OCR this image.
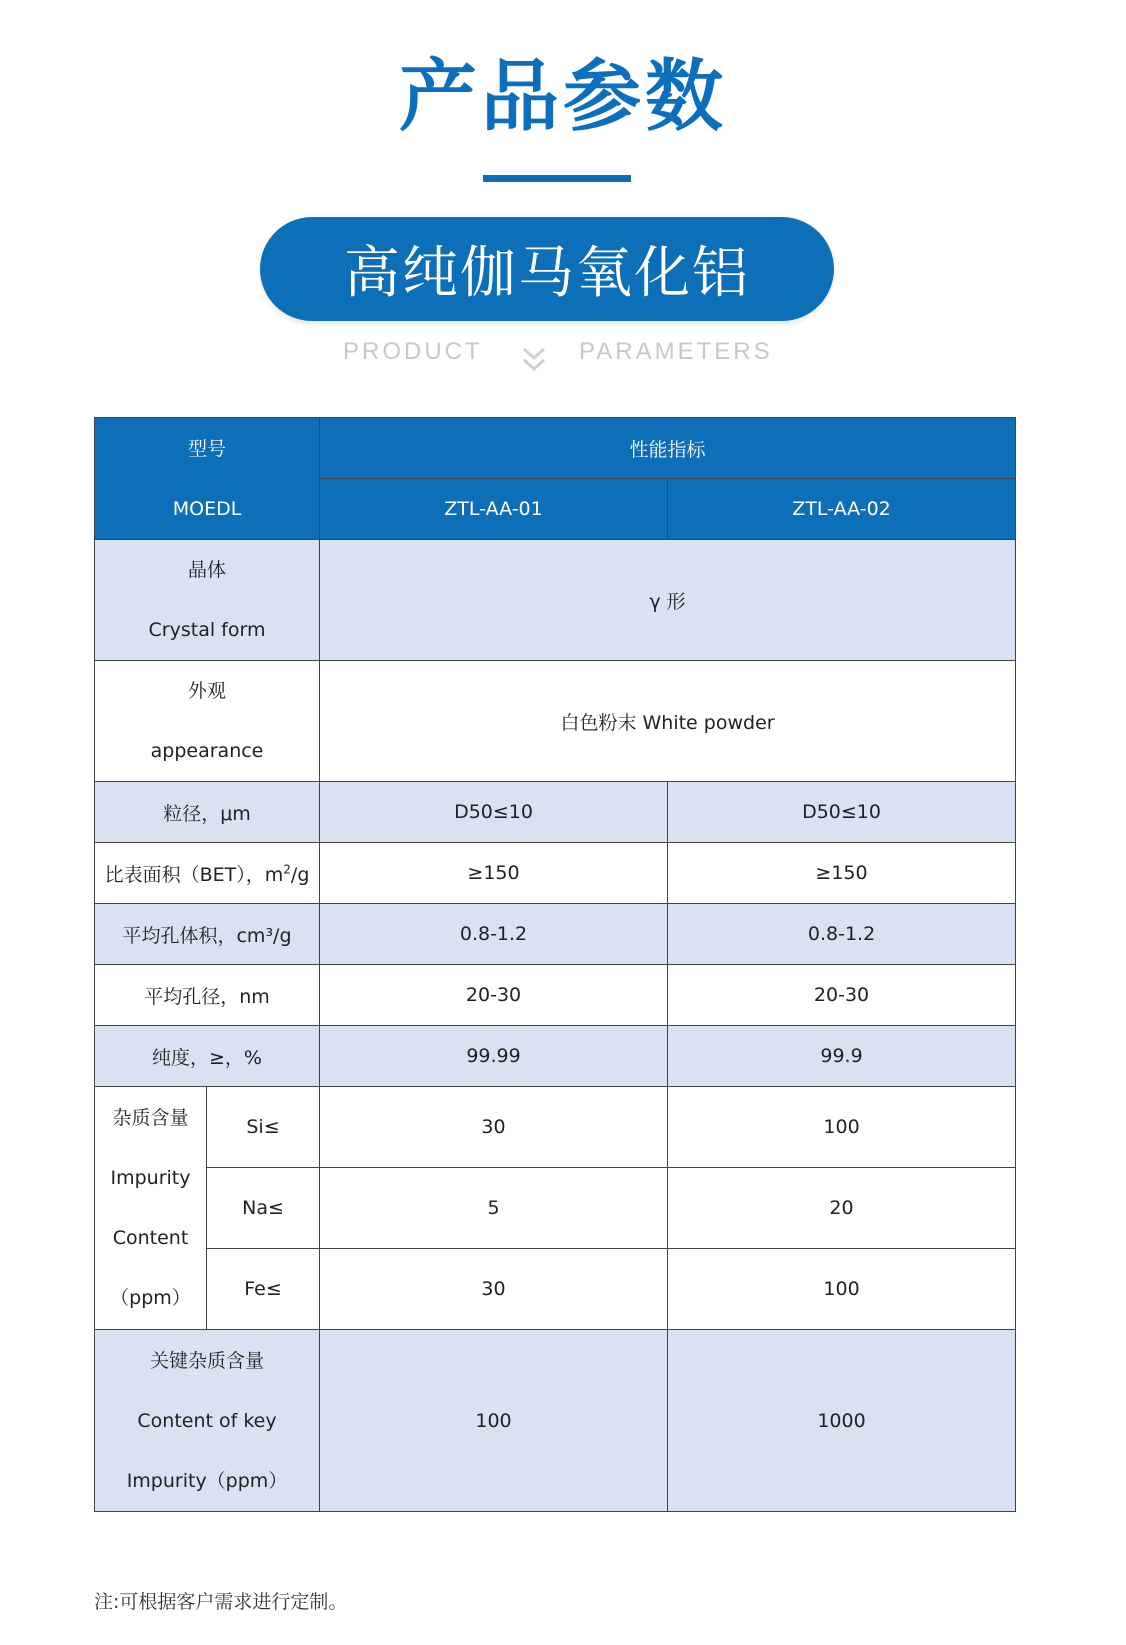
产品参数
高纯伽马氧化铝
PRODUCT	PARAMETERS
型号
MOEDL		性能指标	
		ZTL-AA-01	ZTL-AA-02

晶体
Crystal form		γ 形	

外观
appearance		白色粉末 White powder	
粒径，μm		D50≤10	D50≤10
比表面积（BET），$m^2/g$		≥150	≥150
平均孔体积，cm³/g		0.8-1.2	0.8-1.2
平均孔径，nm		20-30	20-30
纯度，≥，%		99.99	99.9

杂质含量
Impurity
Content
（ppm）	Si≤	30	100
	Na≤	5	20
	Fe≤	30	100

关键杂质含量
Content of key
Impurity（ppm）		100	1000
注:可根据客户需求进行定制。
